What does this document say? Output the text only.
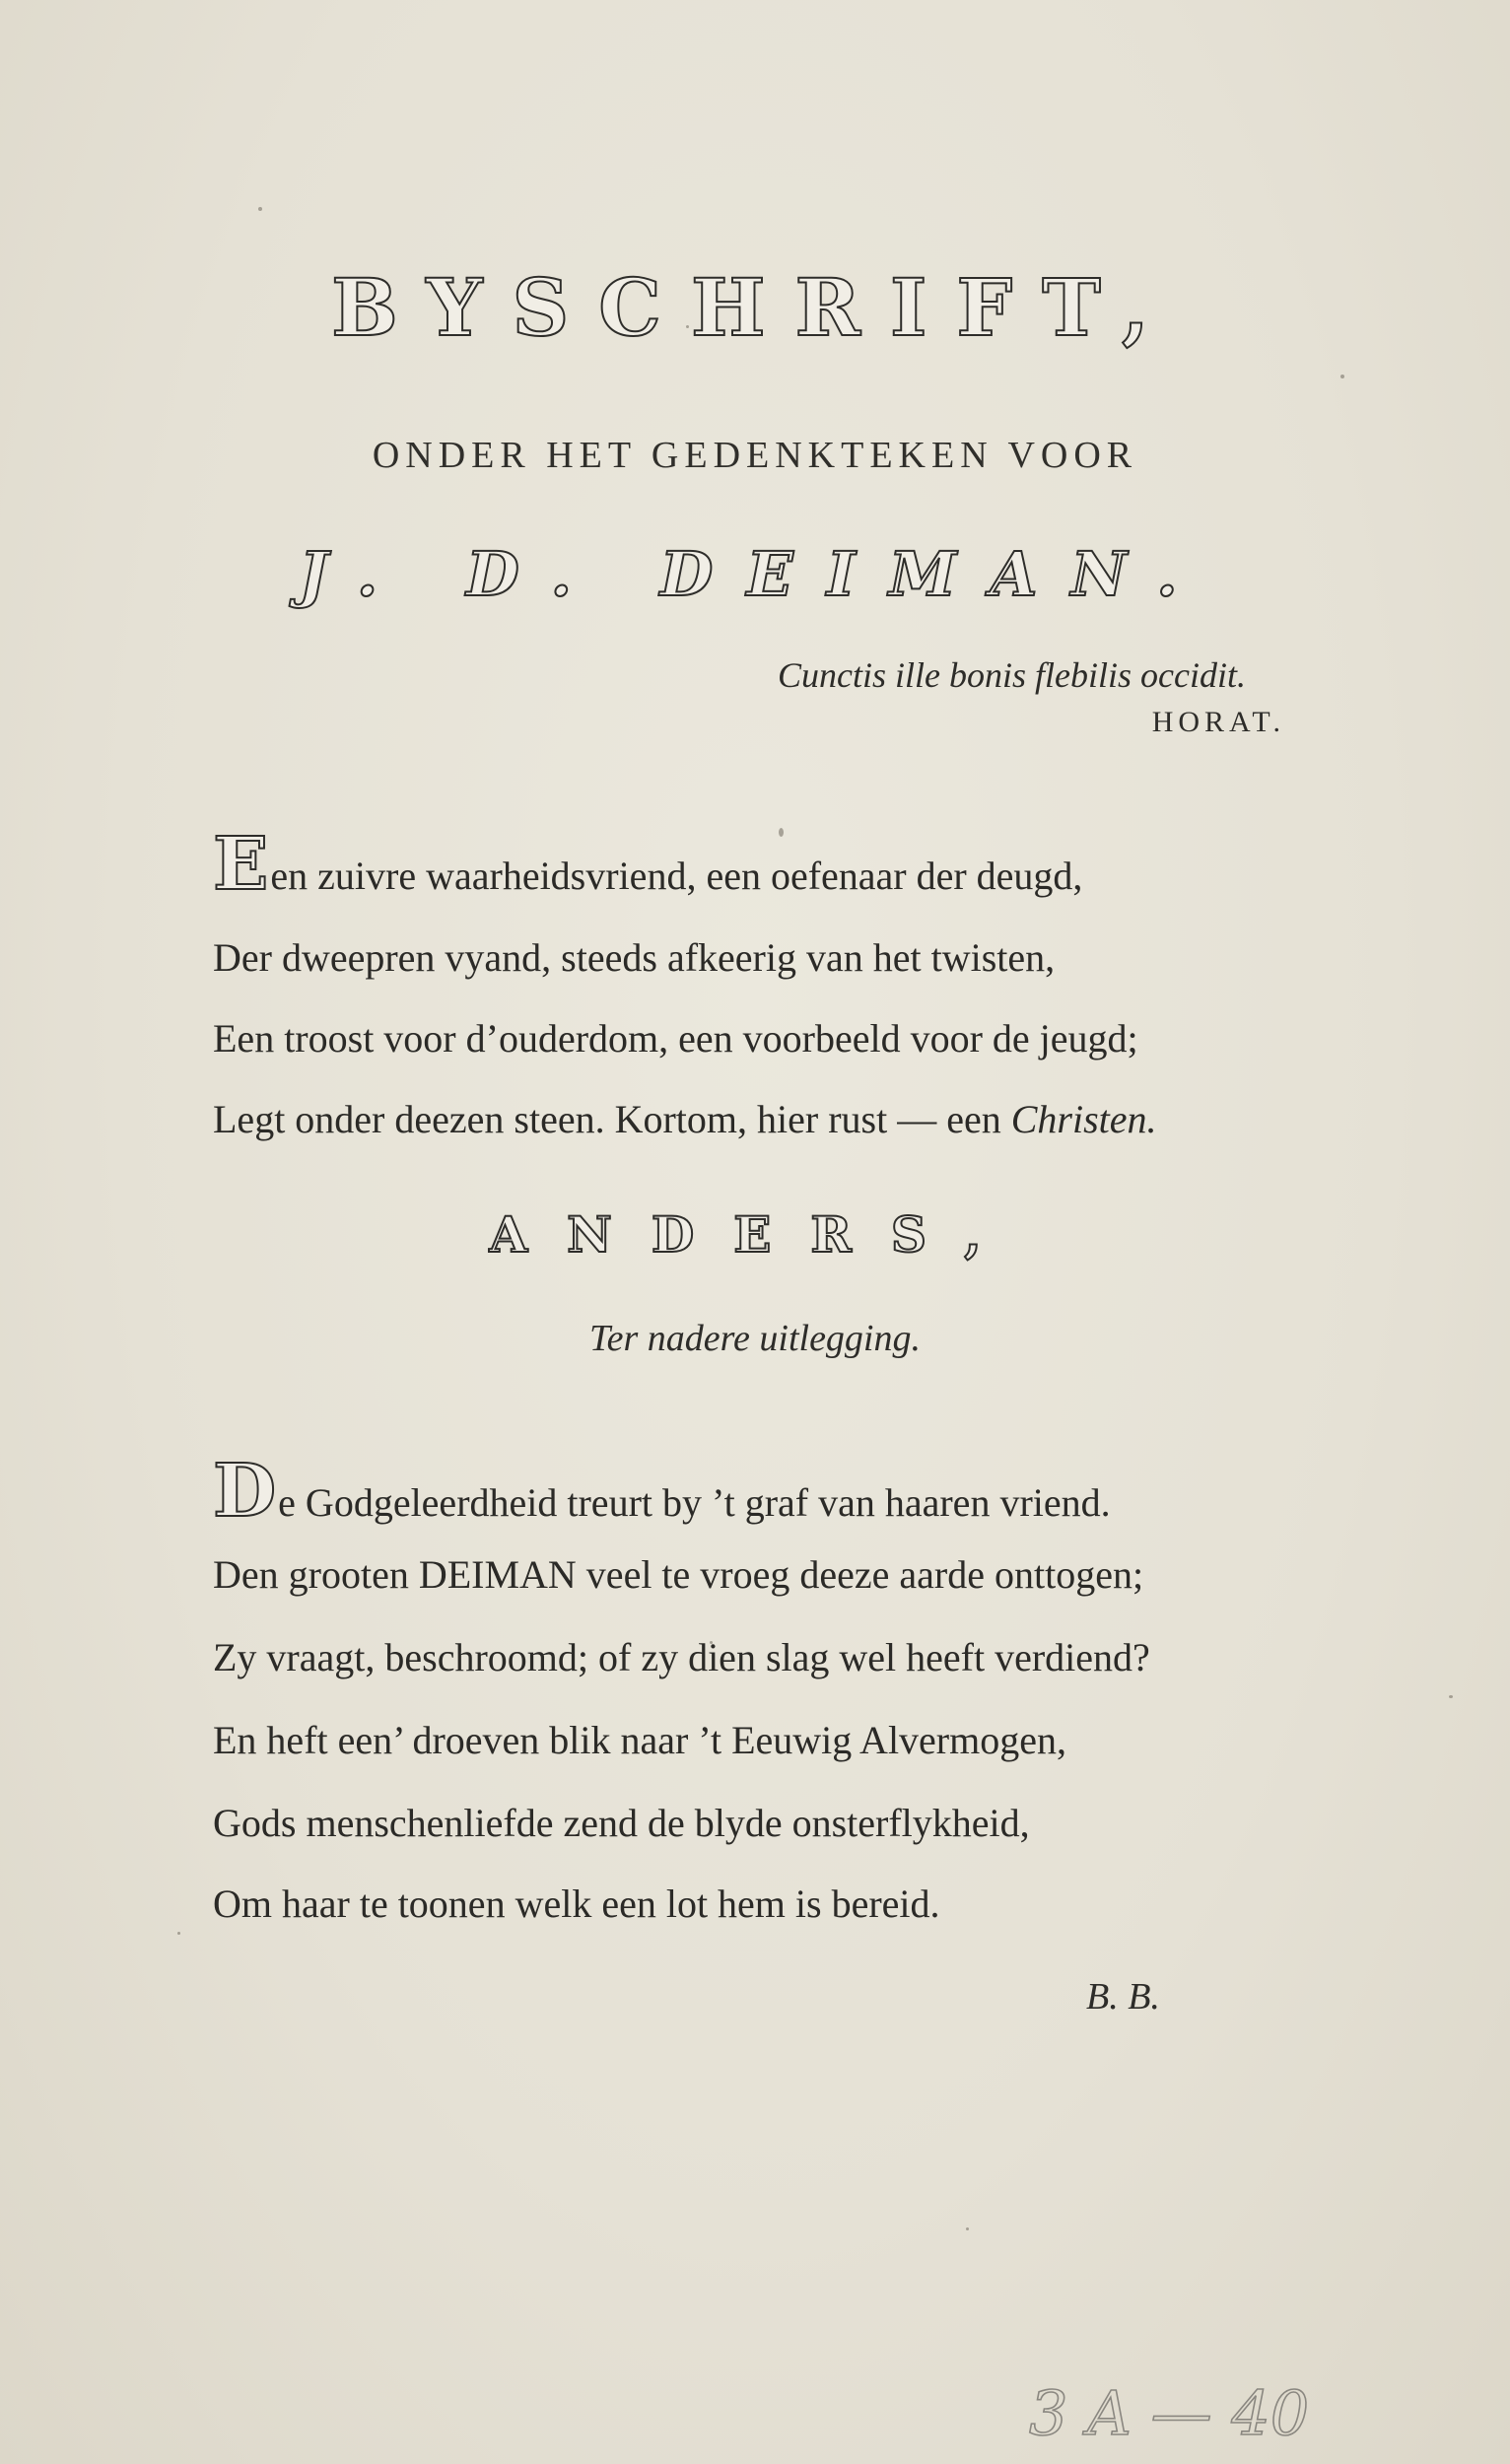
BYSCHRIFT,
ONDER HET GEDENKTEKEN VOOR
J. D. DEIMAN.
Cunctis ille bonis flebilis occidit.
HORAT.
Een zuivre waarheidsvriend, een oefenaar der deugd,
Der dweepren vyand, steeds afkeerig van het twisten,
Een troost voor d’ouderdom, een voorbeeld voor de jeugd;
Legt onder deezen steen. Kortom, hier rust — een Christen.
ANDERS,
Ter nadere uitlegging.
De Godgeleerdheid treurt by ’t graf van haaren vriend.
Den grooten DEIMAN veel te vroeg deeze aarde onttogen;
Zy vraagt, beschroomd; of zy dien slag wel heeft verdiend?
En heft een’ droeven blik naar ’t Eeuwig Alvermogen,
Gods menschenliefde zend de blyde onsterflykheid,
Om haar te toonen welk een lot hem is bereid.
B. B.
3 A — 40
